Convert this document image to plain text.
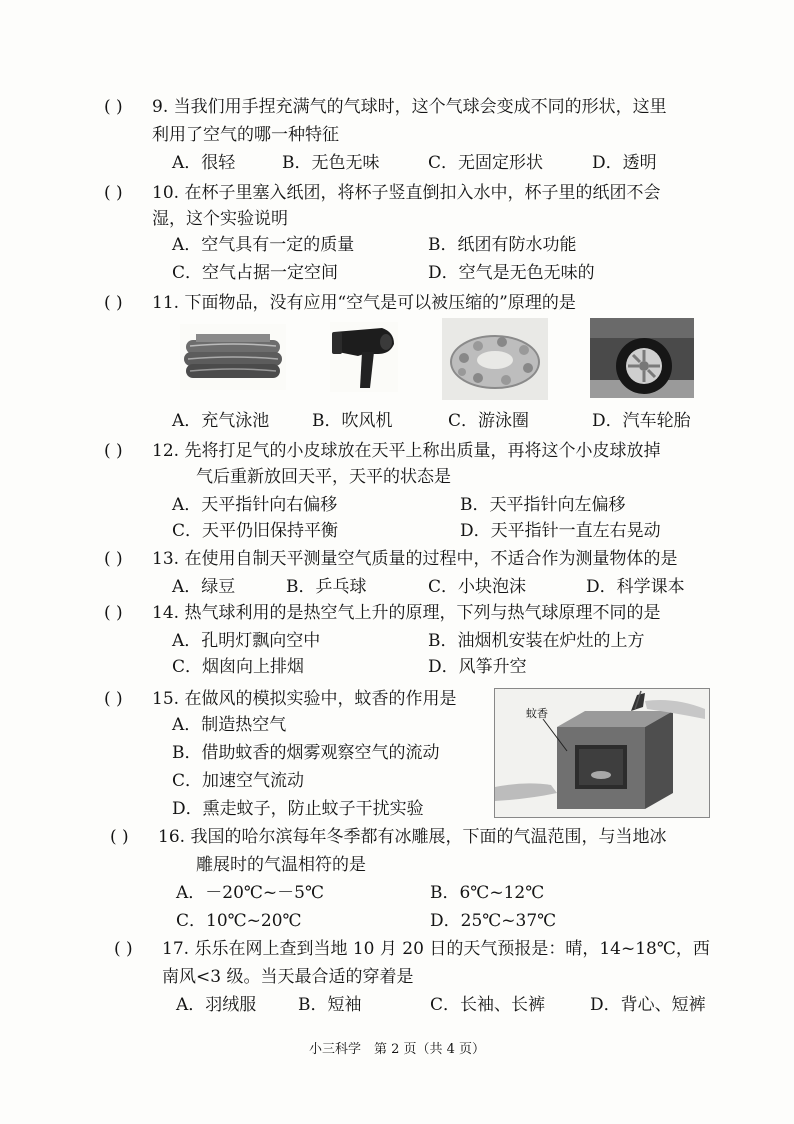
( ) 9. 当我们用手捏充满气的气球时，这个气球会变成不同的形状，这里
利用了空气的哪一种特征
A．很轻	B．无色无味	C．无固定形状	D．透明
( ) 10. 在杯子里塞入纸团，将杯子竖直倒扣入水中，杯子里的纸团不会
湿，这个实验说明
A．空气具有一定的质量	B．纸团有防水功能
C．空气占据一定空间	D．空气是无色无味的
( ) 11. 下面物品，没有应用“空气是可以被压缩的”原理的是
A．充气泳池	B．吹风机	C．游泳圈	D．汽车轮胎
( ) 12. 先将打足气的小皮球放在天平上称出质量，再将这个小皮球放掉
气后重新放回天平，天平的状态是
A．天平指针向右偏移	B．天平指针向左偏移
C．天平仍旧保持平衡	D．天平指针一直左右晃动
( ) 13. 在使用自制天平测量空气质量的过程中，不适合作为测量物体的是
A．绿豆	B．乒乓球	C．小块泡沫	D．科学课本
( ) 14. 热气球利用的是热空气上升的原理，下列与热气球原理不同的是
A．孔明灯飘向空中	B．油烟机安装在炉灶的上方
C．烟囱向上排烟	D．风筝升空
( ) 15. 在做风的模拟实验中，蚊香的作用是
A．制造热空气
B．借助蚊香的烟雾观察空气的流动
C．加速空气流动
D．熏走蚊子，防止蚊子干扰实验
蚊香
( ) 16. 我国的哈尔滨每年冬季都有冰雕展，下面的气温范围，与当地冰
雕展时的气温相符的是
A．－20℃~－5℃	B．6℃~12℃
C．10℃~20℃	D．25℃~37℃
( ) 17. 乐乐在网上查到当地 10 月 20 日的天气预报是：晴，14~18℃，西
南风<3 级。当天最合适的穿着是
A．羽绒服 B．短袖	C．长袖、长裤	D．背心、短裤
小三科学　第 2 页（共 4 页）
